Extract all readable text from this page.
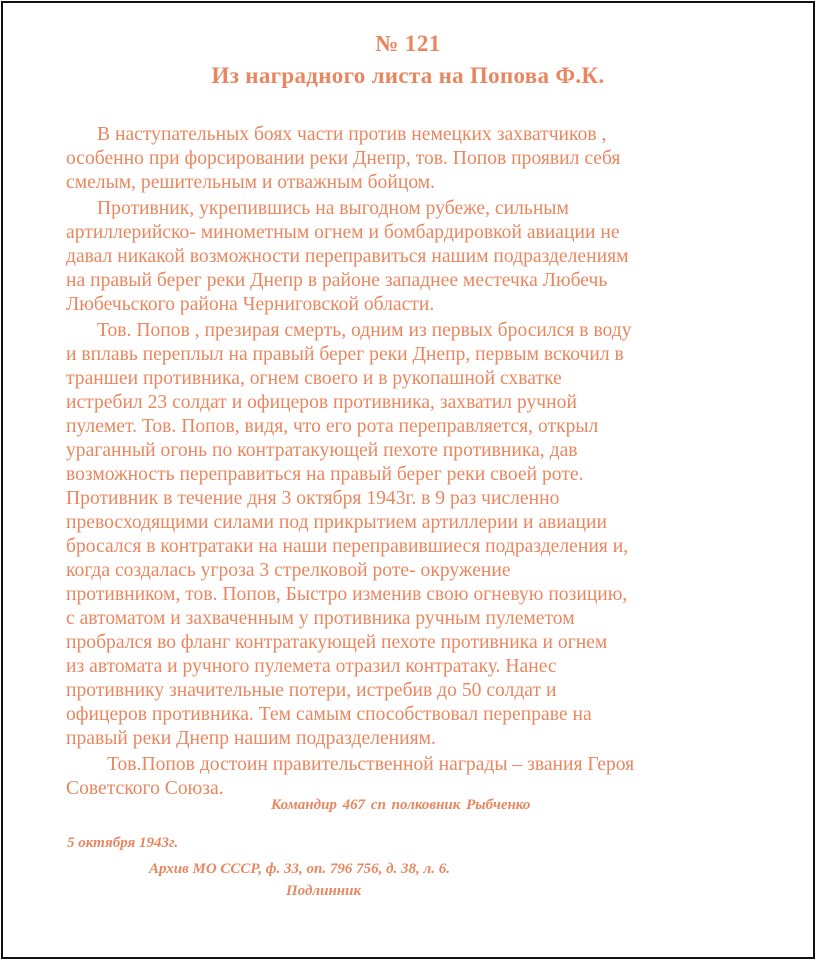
№ 121
Из наградного листа на Попова Ф.К.
В наступательных боях части против немецких захватчиков ,
особенно при форсировании реки Днепр, тов. Попов проявил себя
смелым, решительным и отважным бойцом.
Противник, укрепившись на выгодном рубеже, сильным
артиллерийско- минометным огнем и бомбардировкой авиации не
давал никакой возможности переправиться нашим подразделениям
на правый берег реки Днепр в районе западнее местечка Любечь
Любечьского района Черниговской области.
Тов. Попов , презирая смерть, одним из первых бросился в воду
и вплавь переплыл на правый берег реки Днепр, первым вскочил в
траншеи противника, огнем своего и в рукопашной схватке
истребил 23 солдат и офицеров противника, захватил ручной
пулемет. Тов. Попов, видя, что его рота переправляется, открыл
ураганный огонь по контратакующей пехоте противника, дав
возможность переправиться на правый берег реки своей роте.
Противник в течение дня 3 октября 1943г. в 9 раз численно
превосходящими силами под прикрытием артиллерии и авиации
бросался в контратаки на наши переправившиеся подразделения и,
когда создалась угроза 3 стрелковой роте- окружение
противником, тов. Попов, Быстро изменив свою огневую позицию,
с автоматом и захваченным у противника ручным пулеметом
пробрался во фланг контратакующей пехоте противника и огнем
из автомата и ручного пулемета отразил контратаку. Нанес
противнику значительные потери, истребив до 50 солдат и
офицеров противника. Тем самым способствовал переправе на
правый реки Днепр нашим подразделениям.
Тов.Попов достоин правительственной награды – звания Героя
Советского Союза.
Командир 467 сп полковник Рыбченко
5 октября 1943г.
Архив МО СССР, ф. 33, оп. 796 756, д. 38, л. 6.
Подлинник
